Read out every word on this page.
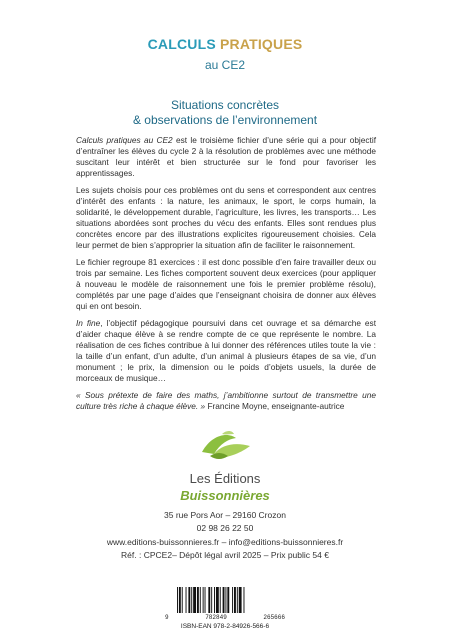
CALCULS PRATIQUES
au CE2
Situations concrètes
& observations de l’environnement

Calculs pratiques au CE2 est le troisième fichier d’une série qui a pour objectif d’entraîner les élèves du cycle 2 à la résolution de problèmes avec une méthode suscitant leur intérêt et bien structurée sur le fond pour favoriser les apprentissages.

Les sujets choisis pour ces problèmes ont du sens et correspondent aux centres d’intérêt des enfants : la nature, les animaux, le sport, le corps humain, la solidarité, le développement durable, l’agriculture, les livres, les transports… Les situations abordées sont proches du vécu des enfants. Elles sont rendues plus concrètes encore par des illustrations explicites rigoureusement choisies. Cela leur permet de bien s’approprier la situation afin de faciliter le raisonnement.

Le fichier regroupe 81 exercices : il est donc possible d’en faire travailler deux ou trois par semaine. Les fiches comportent souvent deux exercices (pour appliquer à nouveau le modèle de raisonnement une fois le premier problème résolu), complétés par une page d’aides que l’enseignant choisira de donner aux élèves qui en ont besoin.

In fine, l’objectif pédagogique poursuivi dans cet ouvrage et sa démarche est d’aider chaque élève à se rendre compte de ce que représente le nombre. La réalisation de ces fiches contribue à lui donner des références utiles toute la vie : la taille d’un enfant, d’un adulte, d’un animal à plusieurs étapes de sa vie, d’un monument ; le prix, la dimension ou le poids d’objets usuels, la durée de morceaux de musique…

« Sous prétexte de faire des maths, j’ambitionne surtout de transmettre une culture très riche à chaque élève. » Francine Moyne, enseignante-autrice

Les Éditions
Buissonnières
35 rue Pors Aor – 29160 Crozon
02 98 26 22 50
www.editions-buissonnieres.fr – info@editions-buissonnieres.fr
Réf. : CPCE2– Dépôt légal avril 2025 – Prix public 54 €
9	782849	265666
ISBN-EAN 978-2-84926-566-6
